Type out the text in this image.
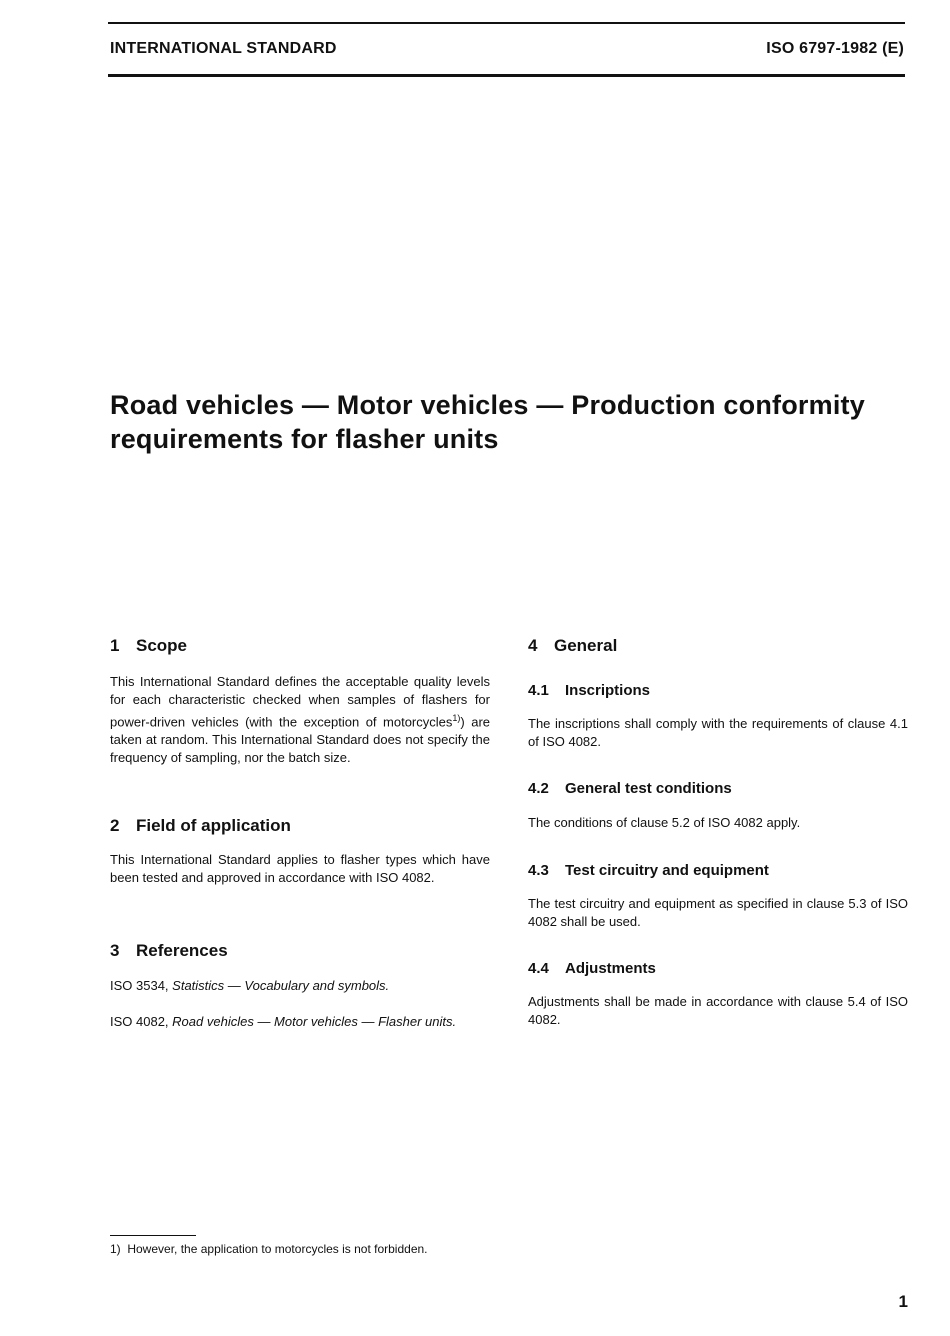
INTERNATIONAL STANDARD	ISO 6797-1982 (E)
Road vehicles — Motor vehicles — Production conformity
requirements for flasher units

1 Scope

This International Standard defines the acceptable quality levels for each characteristic checked when samples of flashers for power-driven vehicles (with the exception of motorcycles$^{1)}$) are taken at random. This International Standard does not specify the frequency of sampling, nor the batch size.

2 Field of application

This International Standard applies to flasher types which have been tested and approved in accordance with ISO 4082.

3 References

ISO 3534, Statistics — Vocabulary and symbols.

ISO 4082, Road vehicles — Motor vehicles — Flasher units.

4 General

4.1 Inscriptions

The inscriptions shall comply with the requirements of clause 4.1 of ISO 4082.

4.2 General test conditions

The conditions of clause 5.2 of ISO 4082 apply.

4.3 Test circuitry and equipment

The test circuitry and equipment as specified in clause 5.3 of ISO 4082 shall be used.

4.4 Adjustments

Adjustments shall be made in accordance with clause 5.4 of ISO 4082.

1) However, the application to motorcycles is not forbidden.
1
